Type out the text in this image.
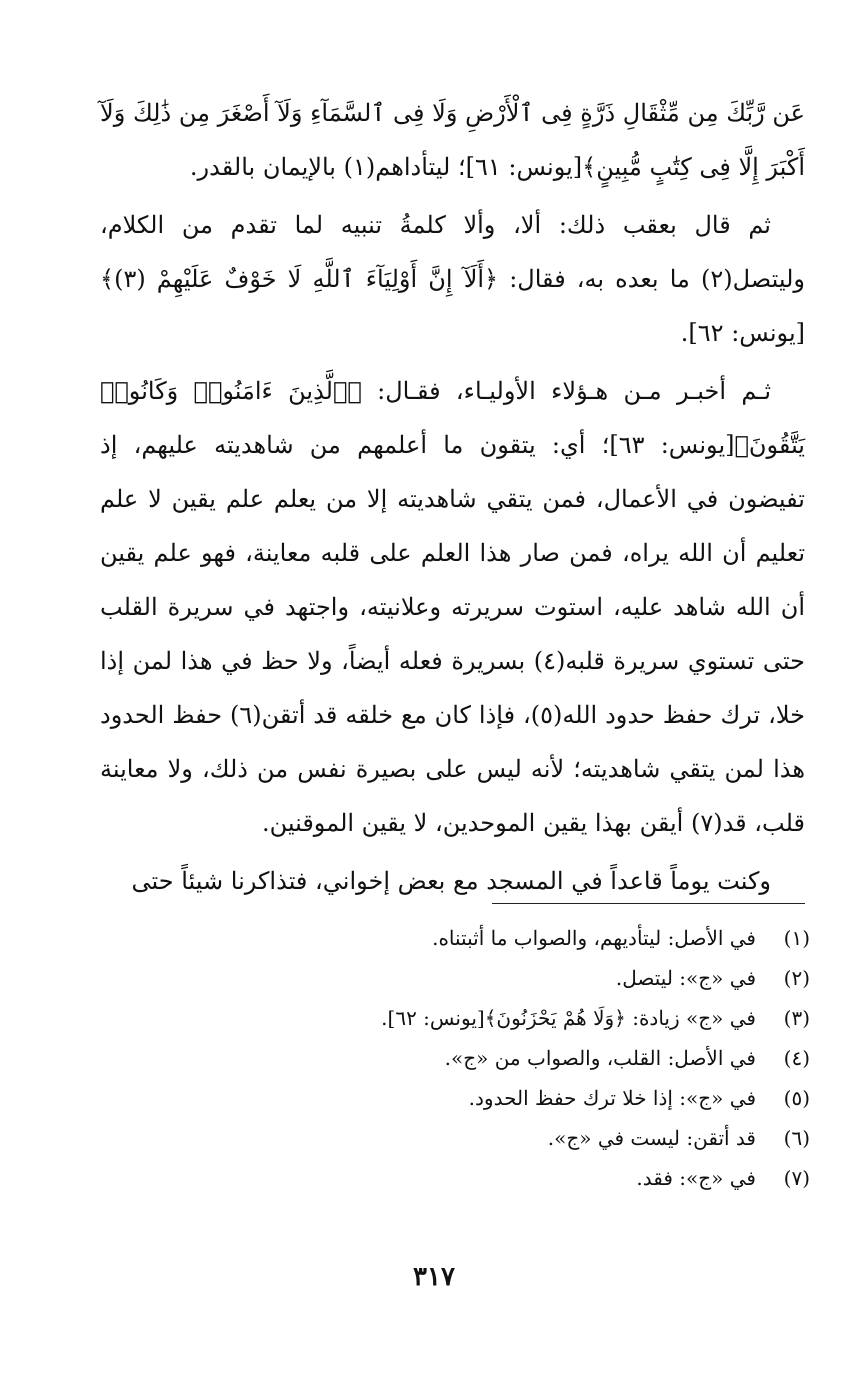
عَن رَّبِّكَ مِن مِّثْقَالِ ذَرَّةٍ فِى ٱلْأَرْضِ وَلَا فِى ٱلسَّمَآءِ وَلَآ أَصْغَرَ مِن ذَٰلِكَ وَلَآ أَكْبَرَ إِلَّا فِى كِتَٰبٍ مُّبِينٍ﴾[يونس: ٦١]؛ ليتأداهم(١) بالإيمان بالقدر.

ثم قال بعقب ذلك: ألا، وألا كلمةُ تنبيه لما تقدم من الكلام، وليتصل(٢) ما بعده به، فقال: ﴿أَلَآ إِنَّ أَوْلِيَآءَ ٱللَّهِ لَا خَوْفٌ عَلَيْهِمْ (٣)﴾[يونس: ٦٢].

ثـم أخبـر مـن هـؤلاء الأوليـاء، فقـال: ﴿ٱلَّذِينَ ءَامَنُوا۟ وَكَانُوا۟ يَتَّقُونَ﴾[يونس: ٦٣]؛ أي: يتقون ما أعلمهم من شاهديته عليهم، إذ تفيضون في الأعمال، فمن يتقي شاهديته إلا من يعلم علم يقين لا علم تعليم أن الله يراه، فمن صار هذا العلم على قلبه معاينة، فهو علم يقين أن الله شاهد عليه، استوت سريرته وعلانيته، واجتهد في سريرة القلب حتى تستوي سريرة قلبه(٤) بسريرة فعله أيضاً، ولا حظ في هذا لمن إذا خلا، ترك حفظ حدود الله(٥)، فإذا كان مع خلقه قد أتقن(٦) حفظ الحدود هذا لمن يتقي شاهديته؛ لأنه ليس على بصيرة نفس من ذلك، ولا معاينة قلب، قد(٧) أيقن بهذا يقين الموحدين، لا يقين الموقنين.

وكنت يوماً قاعداً في المسجد مع بعض إخواني، فتذاكرنا شيئاً حتى

(١)في الأصل: ليتأديهم، والصواب ما أثبتناه.
(٢)في «ج»: ليتصل.
(٣)في «ج» زيادة: ﴿وَلَا هُمْ يَحْزَنُونَ﴾[يونس: ٦٢].
(٤)في الأصل: القلب، والصواب من «ج».
(٥)في «ج»: إذا خلا ترك حفظ الحدود.
(٦)قد أتقن: ليست في «ج».
(٧)في «ج»: فقد.
٣١٧
